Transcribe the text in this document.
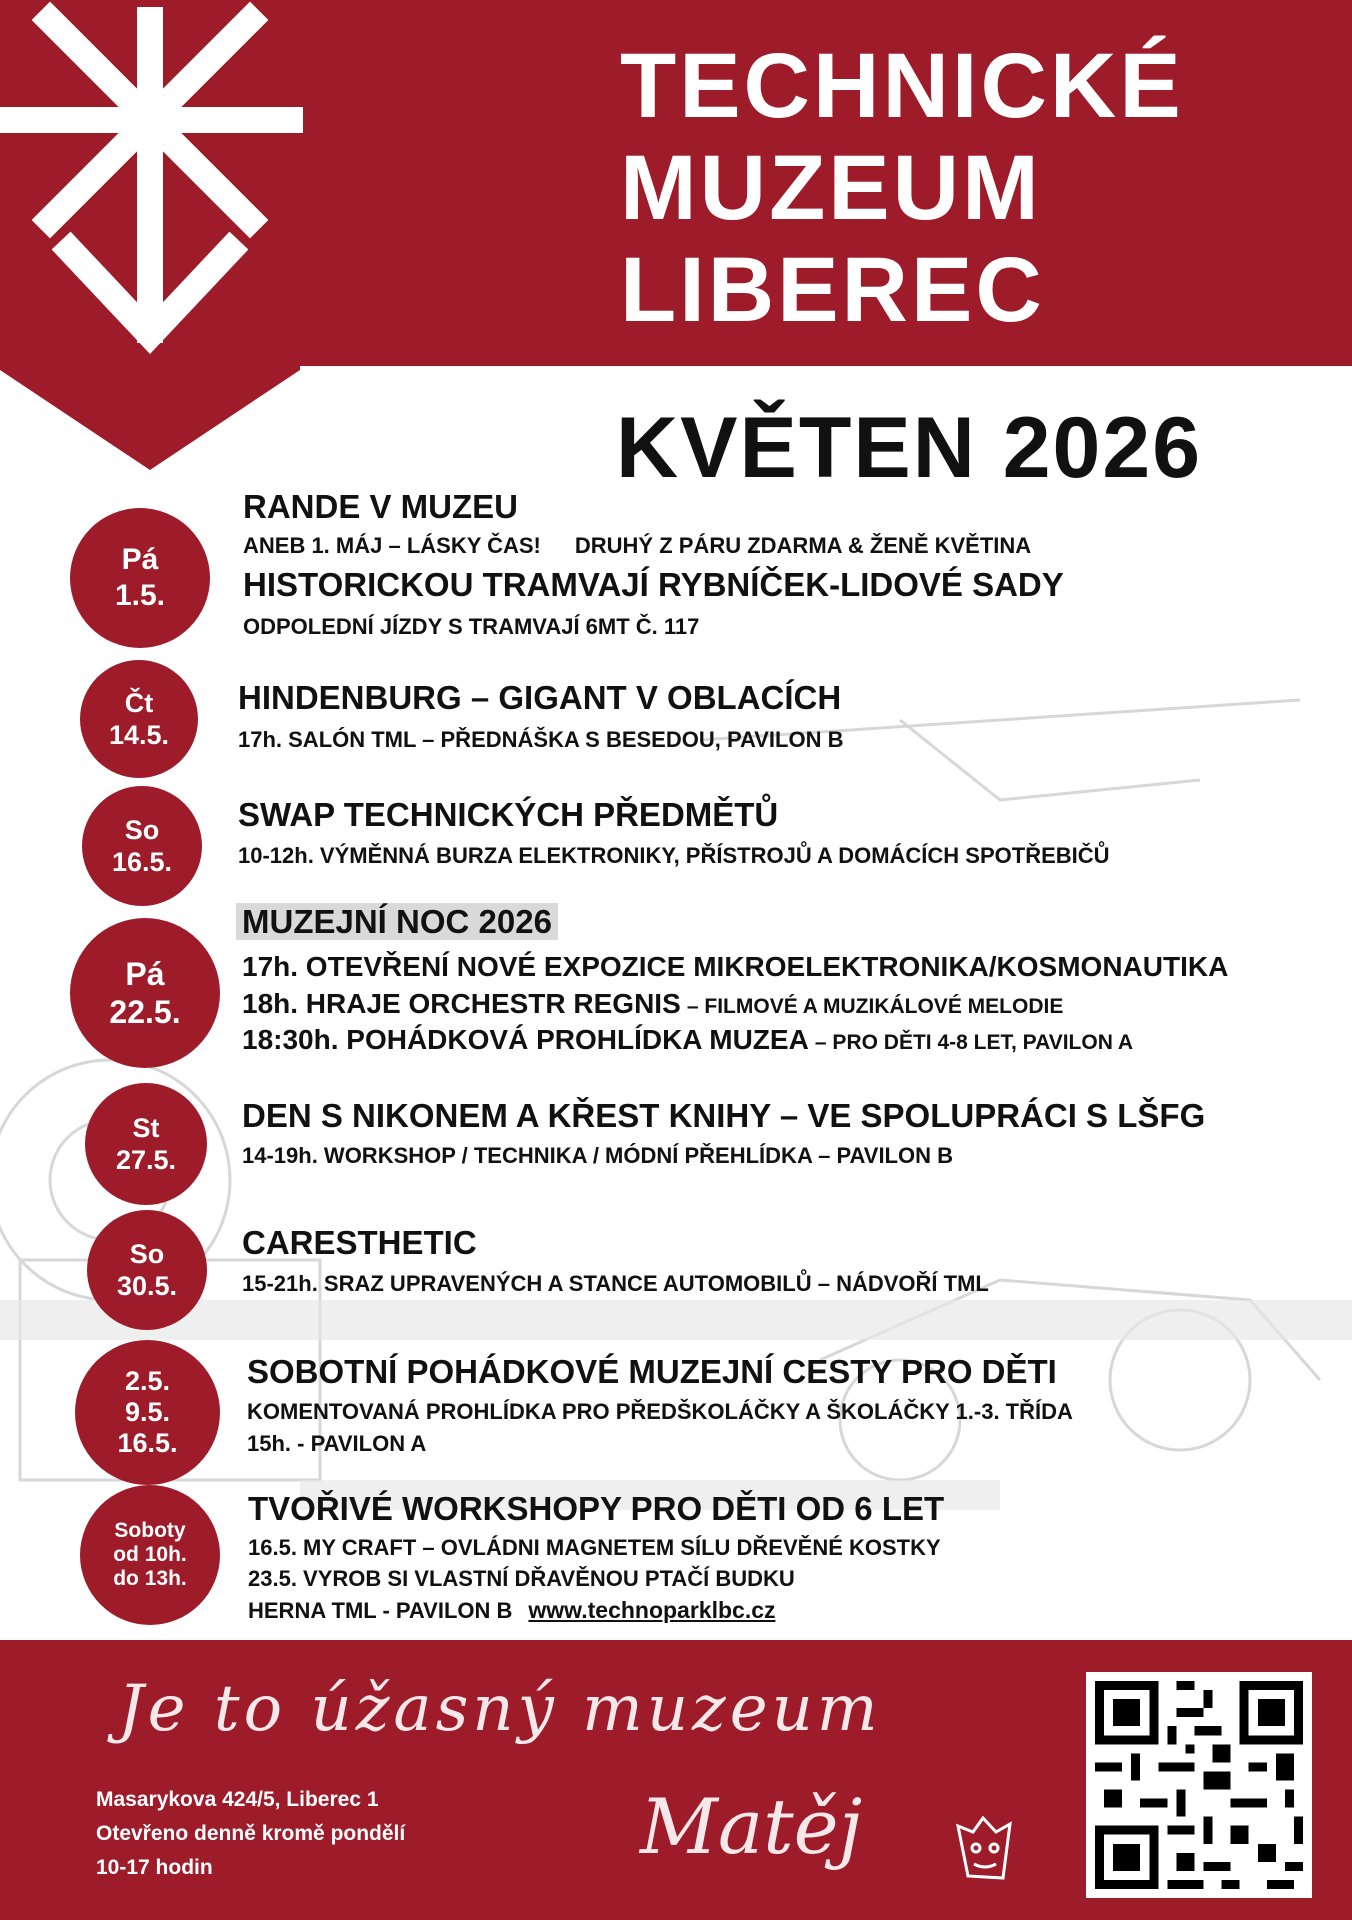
TECHNICKÉ
MUZEUM
LIBEREC
KVĚTEN 2026
Pá
1.5.
RANDE V MUZEU
ANEB 1. MÁJ – LÁSKY ČAS! DRUHÝ Z PÁRU ZDARMA & ŽENĚ KVĚTINA
HISTORICKOU TRAMVAJÍ RYBNÍČEK-LIDOVÉ SADY
ODPOLEDNÍ JÍZDY S TRAMVAJÍ 6MT Č. 117
Čt
14.5.
HINDENBURG – GIGANT V OBLACÍCH
17h. SALÓN TML – PŘEDNÁŠKA S BESEDOU, PAVILON B
So
16.5.
SWAP TECHNICKÝCH PŘEDMĚTŮ
10-12h. VÝMĚNNÁ BURZA ELEKTRONIKY, PŘÍSTROJŮ A DOMÁCÍCH SPOTŘEBIČŮ
Pá
22.5.
MUZEJNÍ NOC 2026
17h. OTEVŘENÍ NOVÉ EXPOZICE MIKROELEKTRONIKA/KOSMONAUTIKA
18h. HRAJE ORCHESTR REGNIS – FILMOVÉ A MUZIKÁLOVÉ MELODIE
18:30h. POHÁDKOVÁ PROHLÍDKA MUZEA – PRO DĚTI 4-8 LET, PAVILON A
St
27.5.
DEN S NIKONEM A KŘEST KNIHY – VE SPOLUPRÁCI S LŠFG
14-19h. WORKSHOP / TECHNIKA / MÓDNÍ PŘEHLÍDKA – PAVILON B
So
30.5.
CARESTHETIC
15-21h. SRAZ UPRAVENÝCH A STANCE AUTOMOBILŮ – NÁDVOŘÍ TML
2.5.
9.5.
16.5.
SOBOTNÍ POHÁDKOVÉ MUZEJNÍ CESTY PRO DĚTI
KOMENTOVANÁ PROHLÍDKA PRO PŘEDŠKOLÁČKY A ŠKOLÁČKY 1.-3. TŘÍDA
15h. - PAVILON A
Soboty
od 10h.
do 13h.
TVOŘIVÉ WORKSHOPY PRO DĚTI OD 6 LET
16.5. MY CRAFT – OVLÁDNI MAGNETEM SÍLU DŘEVĚNÉ KOSTKY
23.5. VYROB SI VLASTNÍ DŘAVĚNOU PTAČÍ BUDKU
HERNA TML - PAVILON B www.technoparklbc.cz
Je to úžasný muzeum
Matěj
Masarykova 424/5, Liberec 1
Otevřeno denně kromě pondělí
10-17 hodin
